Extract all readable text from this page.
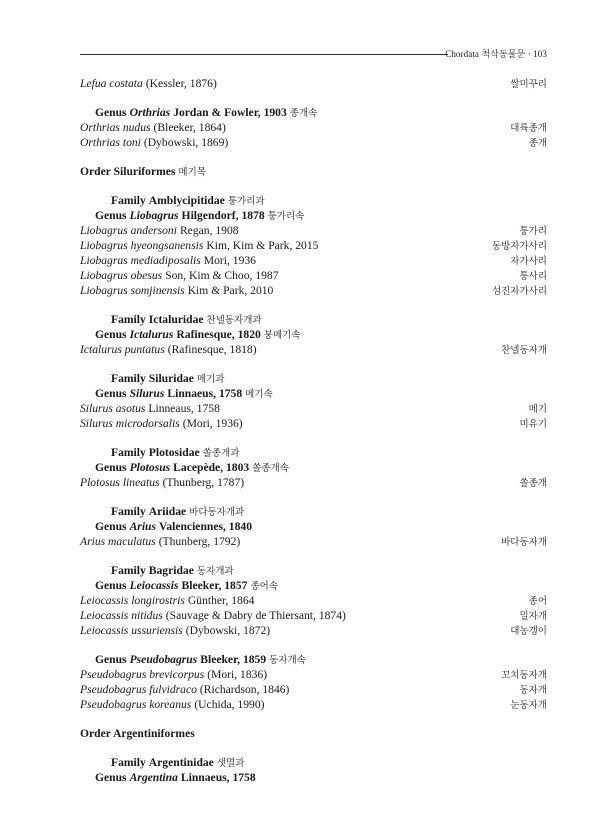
Chordata 척삭동물문 · 103
Lefua costata (Kessler, 1876)	쌀미꾸리
Genus Orthrias Jordan & Fowler, 1903 종개속
Orthrias nudus (Bleeker, 1864)	대륙종개
Orthrias toni (Dybowski, 1869)	종개
Order Siluriformes 메기목
Family Amblycipitidae 퉁가리과
Genus Liobagrus Hilgendorf, 1878 퉁가리속
Liobagrus andersoni Regan, 1908	퉁가리
Liobagrus hyeongsanensis Kim, Kim & Park, 2015	동방자가사리
Liobagrus mediadiposalis Mori, 1936	자가사리
Liobagrus obesus Son, Kim & Choo, 1987	퉁사리
Liobagrus somjinensis Kim & Park, 2010	섬진자가사리
Family Ictaluridae 찬넬동자개과
Genus Ictalurus Rafinesque, 1820 붕메기속
Ictalurus puntatus (Rafinesque, 1818)	찬넬동자개
Family Siluridae 메기과
Genus Silurus Linnaeus, 1758 메기속
Silurus asotus Linneaus, 1758	메기
Silurus microdorsalis (Mori, 1936)	미유기
Family Plotosidae 쏠종개과
Genus Plotosus Lacepède, 1803 쏠종개속
Plotosus lineatus (Thunberg, 1787)	쏠종개
Family Ariidae 바다동자개과
Genus Arius Valenciennes, 1840
Arius maculatus (Thunberg, 1792)	바다동자개
Family Bagridae 동자개과
Genus Leiocassis Bleeker, 1857 종어속
Leiocassis longirostris Günther, 1864	종어
Leiocassis nitidus (Sauvage & Dabry de Thiersant, 1874)	밀자개
Leiocassis ussuriensis (Dybowski, 1872)	대농갱이
Genus Pseudobagrus Bleeker, 1859 동자개속
Pseudobagrus brevicorpus (Mori, 1836)	꼬치동자개
Pseudobagrus fulvidraco (Richardson, 1846)	동자개
Pseudobagrus koreanus (Uchida, 1990)	눈동자개
Order Argentiniformes
Family Argentinidae 샛멸과
Genus Argentina Linnaeus, 1758
